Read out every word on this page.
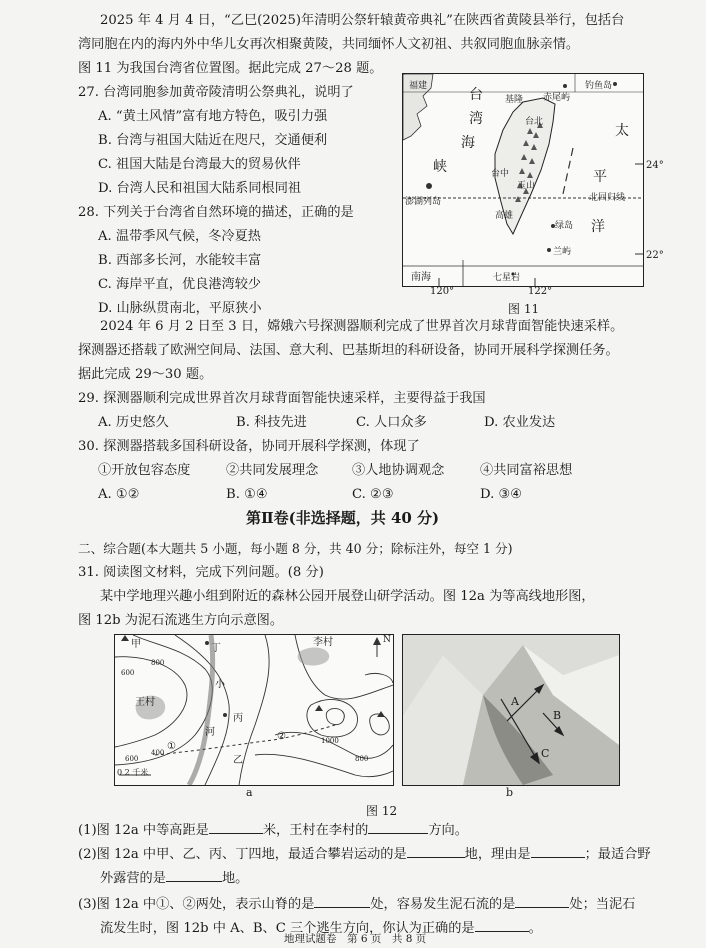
2025 年 4 月 4 日，“乙巳(2025)年清明公祭轩辕黄帝典礼”在陕西省黄陵县举行，包括台
湾同胞在内的海内外中华儿女再次相聚黄陵，共同缅怀人文初祖、共叙同胞血脉亲情。
图 11 为我国台湾省位置图。据此完成 27～28 题。
27. 台湾同胞参加黄帝陵清明公祭典礼，说明了
A. “黄土风情”富有地方特色，吸引力强
B. 台湾与祖国大陆近在咫尺，交通便利
C. 祖国大陆是台湾最大的贸易伙伴
D. 台湾人民和祖国大陆系同根同祖
28. 下列关于台湾省自然环境的描述，正确的是
A. 温带季风气候，冬冷夏热
B. 西部多长河，水能较丰富
C. 海岸平直，优良港湾较少
D. 山脉纵贯南北，平原狭小
福建
台
湾
海
峡
钓鱼岛
赤尾屿
基隆
台北
太
平
洋
台中
澎湖列岛
玉山
北回归线
高雄
绿岛
兰屿
南海	七星岩
120°	122°
24°
22°
图 11
2024 年 6 月 2 日至 3 日，嫦娥六号探测器顺利完成了世界首次月球背面智能快速采样。
探测器还搭载了欧洲空间局、法国、意大利、巴基斯坦的科研设备，协同开展科学探测任务。
据此完成 29～30 题。
29. 探测器顺利完成世界首次月球背面智能快速采样，主要得益于我国
A. 历史悠久	B. 科技先进	C. 人口众多	D. 农业发达
30. 探测器搭载多国科研设备，协同开展科学探测，体现了
①开放包容态度	②共同发展理念	③人地协调观念	④共同富裕思想
A. ①②	B. ①④	C. ②③	D. ③④
第Ⅱ卷(非选择题，共 40 分)
二、综合题(本大题共 5 小题，每小题 8 分，共 40 分；除标注外，每空 1 分)
31. 阅读图文材料，完成下列问题。(8 分)
某中学地理兴趣小组到附近的森林公园开展登山研学活动。图 12a 为等高线地形图，
图 12b 为泥石流逃生方向示意图。
甲	丁
王村
李村	N
小
河
丙
乙
①
②
800
600
400
600	800
1000
0 2 千米
a
A
B
C
b
图 12
(1)图 12a 中等高距是	米，王村在李村的	方向。
(2)图 12a 中甲、乙、丙、丁四地，最适合攀岩运动的是	地，理由是	；最适合野
外露营的是	地。
(3)图 12a 中①、②两处，表示山脊的是	处，容易发生泥石流的是	处；当泥石
流发生时，图 12b 中 A、B、C 三个逃生方向，你认为正确的是	。
地理试题卷　第 6 页　共 8 页
